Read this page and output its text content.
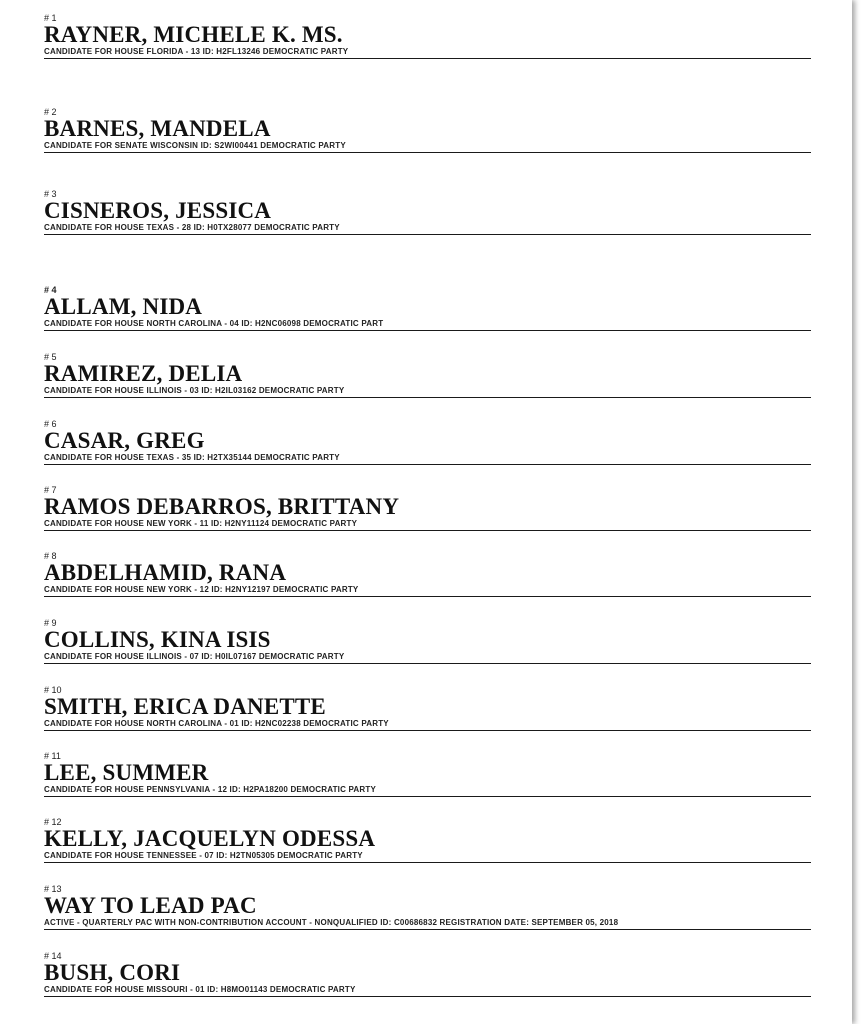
# 1
RAYNER, MICHELE K. MS.
CANDIDATE FOR HOUSE FLORIDA - 13 ID: H2FL13246 DEMOCRATIC PARTY
# 2
BARNES, MANDELA
CANDIDATE FOR SENATE WISCONSIN ID: S2WI00441 DEMOCRATIC PARTY
# 3
CISNEROS, JESSICA
CANDIDATE FOR HOUSE TEXAS - 28 ID: H0TX28077 DEMOCRATIC PARTY
# 4
ALLAM, NIDA
CANDIDATE FOR HOUSE NORTH CAROLINA - 04 ID: H2NC06098 DEMOCRATIC PART
# 5
RAMIREZ, DELIA
CANDIDATE FOR HOUSE ILLINOIS - 03 ID: H2IL03162 DEMOCRATIC PARTY
# 6
CASAR, GREG
CANDIDATE FOR HOUSE TEXAS - 35 ID: H2TX35144 DEMOCRATIC PARTY
# 7
RAMOS DEBARROS, BRITTANY
CANDIDATE FOR HOUSE NEW YORK - 11 ID: H2NY11124 DEMOCRATIC PARTY
# 8
ABDELHAMID, RANA
CANDIDATE FOR HOUSE NEW YORK - 12 ID: H2NY12197 DEMOCRATIC PARTY
# 9
COLLINS, KINA ISIS
CANDIDATE FOR HOUSE ILLINOIS - 07 ID: H0IL07167 DEMOCRATIC PARTY
# 10
SMITH, ERICA DANETTE
CANDIDATE FOR HOUSE NORTH CAROLINA - 01 ID: H2NC02238 DEMOCRATIC PARTY
# 11
LEE, SUMMER
CANDIDATE FOR HOUSE PENNSYLVANIA - 12 ID: H2PA18200 DEMOCRATIC PARTY
# 12
KELLY, JACQUELYN ODESSA
CANDIDATE FOR HOUSE TENNESSEE - 07 ID: H2TN05305 DEMOCRATIC PARTY
# 13
WAY TO LEAD PAC
ACTIVE - QUARTERLY PAC WITH NON-CONTRIBUTION ACCOUNT - NONQUALIFIED ID: C00686832 REGISTRATION DATE: SEPTEMBER 05, 2018
# 14
BUSH, CORI
CANDIDATE FOR HOUSE MISSOURI - 01 ID: H8MO01143 DEMOCRATIC PARTY
